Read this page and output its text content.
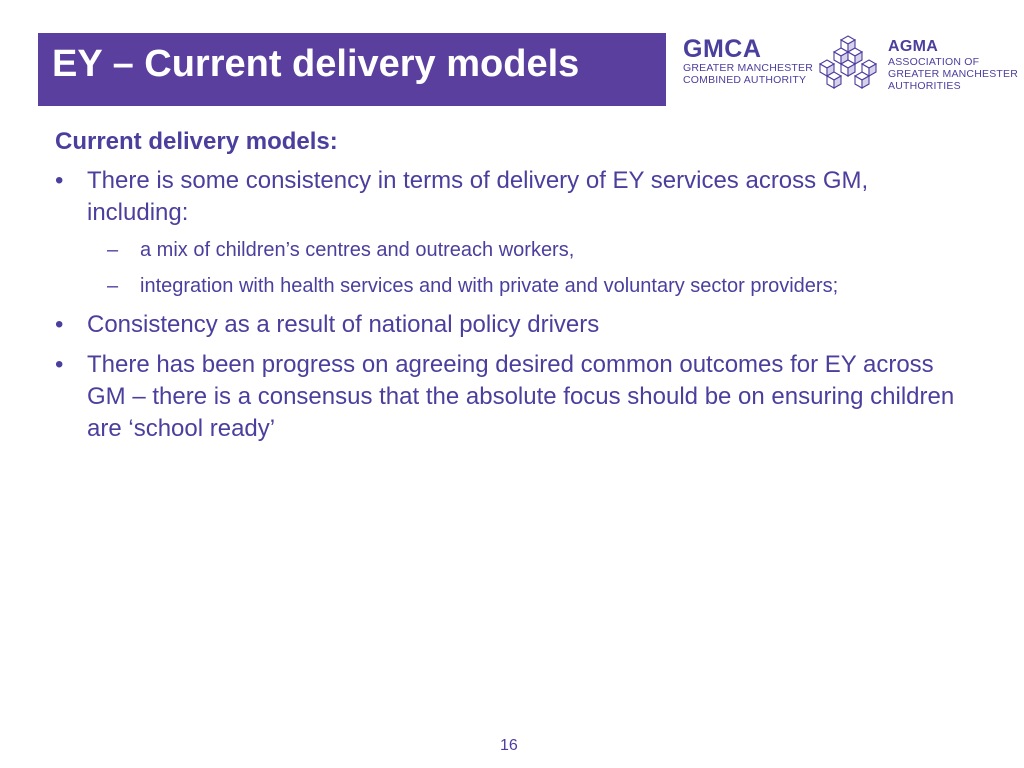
EY – Current delivery models	GMCA
GREATER MANCHESTER
COMBINED AUTHORITY
AGMA
ASSOCIATION OF
GREATER MANCHESTER
AUTHORITIES
Current delivery models:
• There is some consistency in terms of delivery of EY services across GM, including:
– a mix of children’s centres and outreach workers,
– integration with health services and with private and voluntary sector providers;
• Consistency as a result of national policy drivers
• There has been progress on agreeing desired common outcomes for EY across GM – there is a consensus that the absolute focus should be on ensuring children are ‘school ready’
16
